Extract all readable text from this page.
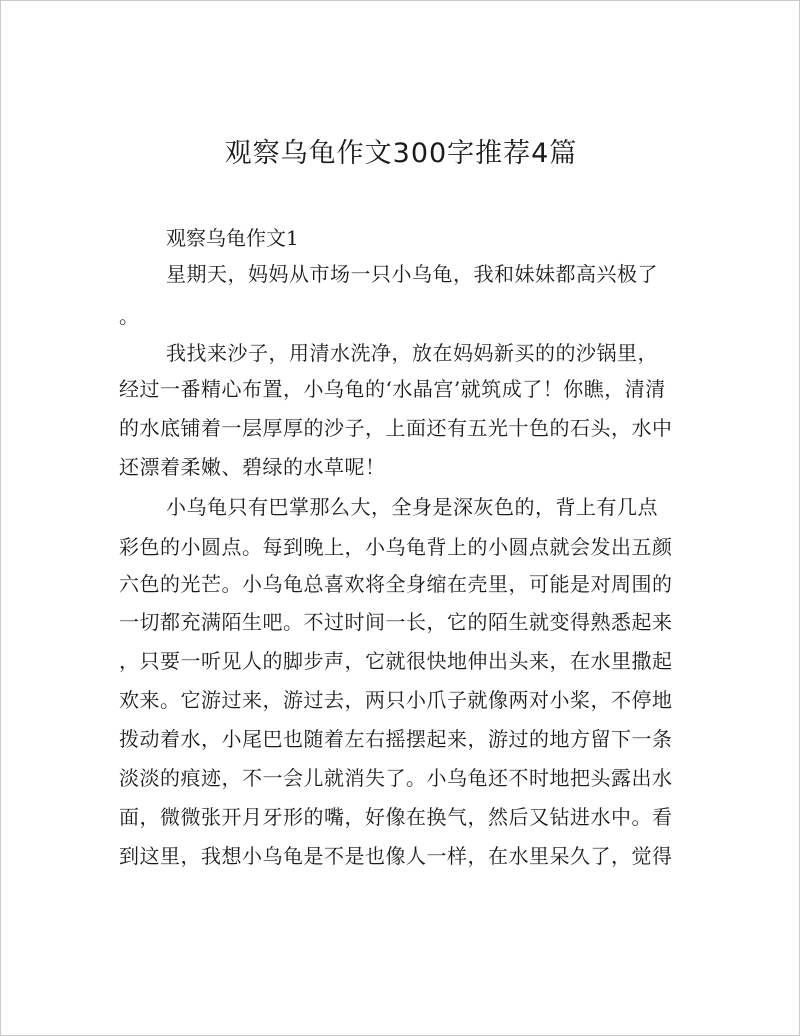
观察乌龟作文300字推荐4篇

观察乌龟作文1

星期天，妈妈从市场一只小乌龟，我和妹妹都高兴极了

。

我找来沙子，用清水洗净，放在妈妈新买的的沙锅里，

经过一番精心布置，小乌龟的‘水晶宫’就筑成了！你瞧，清清

的水底铺着一层厚厚的沙子，上面还有五光十色的石头，水中

还漂着柔嫩、碧绿的水草呢！

小乌龟只有巴掌那么大，全身是深灰色的，背上有几点

彩色的小圆点。每到晚上，小乌龟背上的小圆点就会发出五颜

六色的光芒。小乌龟总喜欢将全身缩在壳里，可能是对周围的

一切都充满陌生吧。不过时间一长，它的陌生就变得熟悉起来

，只要一听见人的脚步声，它就很快地伸出头来，在水里撒起

欢来。它游过来，游过去，两只小爪子就像两对小桨，不停地

拨动着水，小尾巴也随着左右摇摆起来，游过的地方留下一条

淡淡的痕迹，不一会儿就消失了。小乌龟还不时地把头露出水

面，微微张开月牙形的嘴，好像在换气，然后又钻进水中。看

到这里，我想小乌龟是不是也像人一样，在水里呆久了，觉得
